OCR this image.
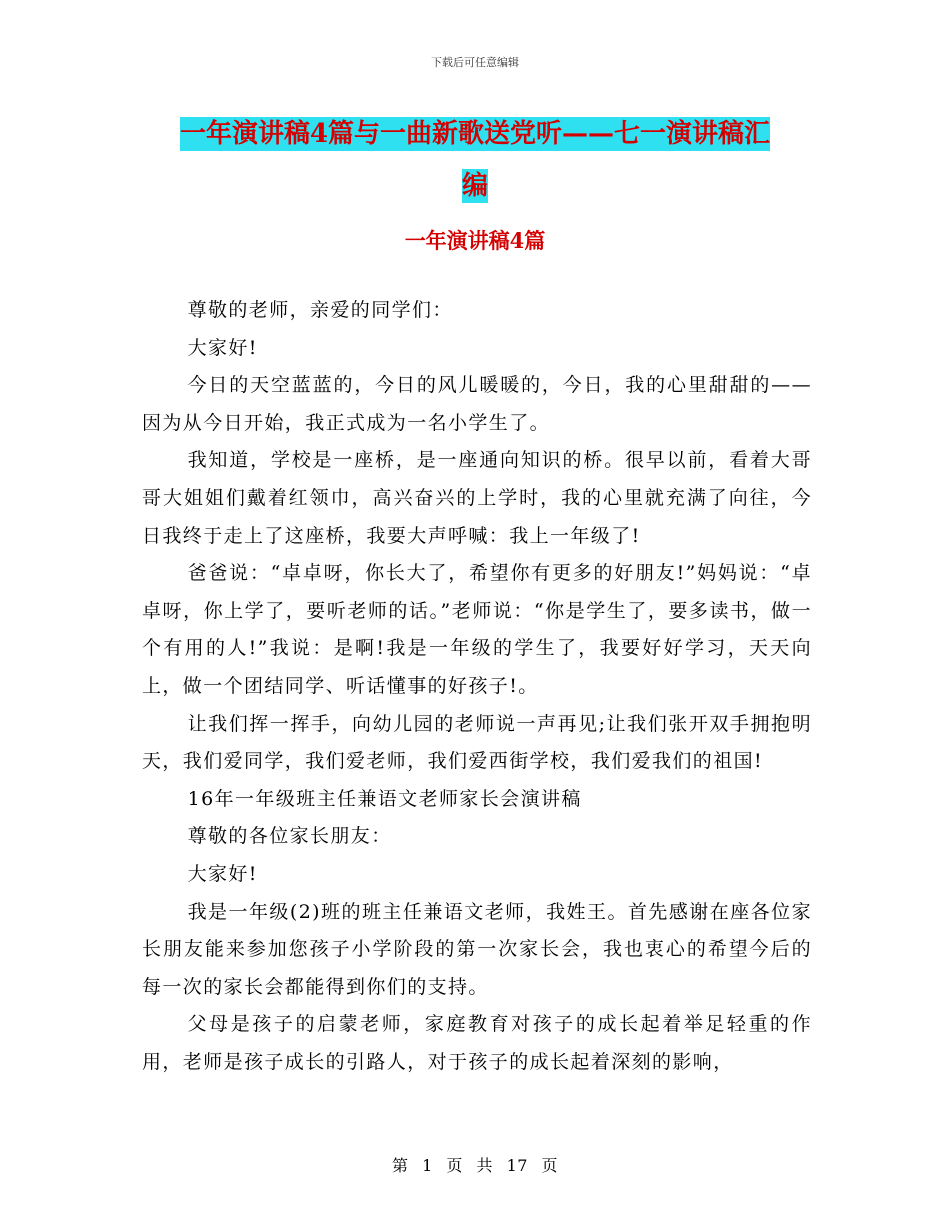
下载后可任意编辑
一年演讲稿4篇与一曲新歌送党听——七一演讲稿汇
编
一年演讲稿4篇

尊敬的老师，亲爱的同学们：

大家好!

今日的天空蓝蓝的，今日的风儿暖暖的，今日，我的心里甜甜的——因为从今日开始，我正式成为一名小学生了。

我知道，学校是一座桥，是一座通向知识的桥。很早以前，看着大哥哥大姐姐们戴着红领巾，高兴奋兴的上学时，我的心里就充满了向往，今日我终于走上了这座桥，我要大声呼喊：我上一年级了!

爸爸说：“卓卓呀，你长大了，希望你有更多的好朋友!”妈妈说：“卓卓呀，你上学了，要听老师的话。”老师说：“你是学生了，要多读书，做一个有用的人!”我说：是啊!我是一年级的学生了，我要好好学习，天天向上，做一个团结同学、听话懂事的好孩子!。

让我们挥一挥手，向幼儿园的老师说一声再见;让我们张开双手拥抱明天，我们爱同学，我们爱老师，我们爱西街学校，我们爱我们的祖国!

16年一年级班主任兼语文老师家长会演讲稿

尊敬的各位家长朋友：

大家好!

我是一年级(2)班的班主任兼语文老师，我姓王。首先感谢在座各位家长朋友能来参加您孩子小学阶段的第一次家长会，我也衷心的希望今后的每一次的家长会都能得到你们的支持。

父母是孩子的启蒙老师，家庭教育对孩子的成长起着举足轻重的作用，老师是孩子成长的引路人，对于孩子的成长起着深刻的影响，

第 1 页 共 17 页
